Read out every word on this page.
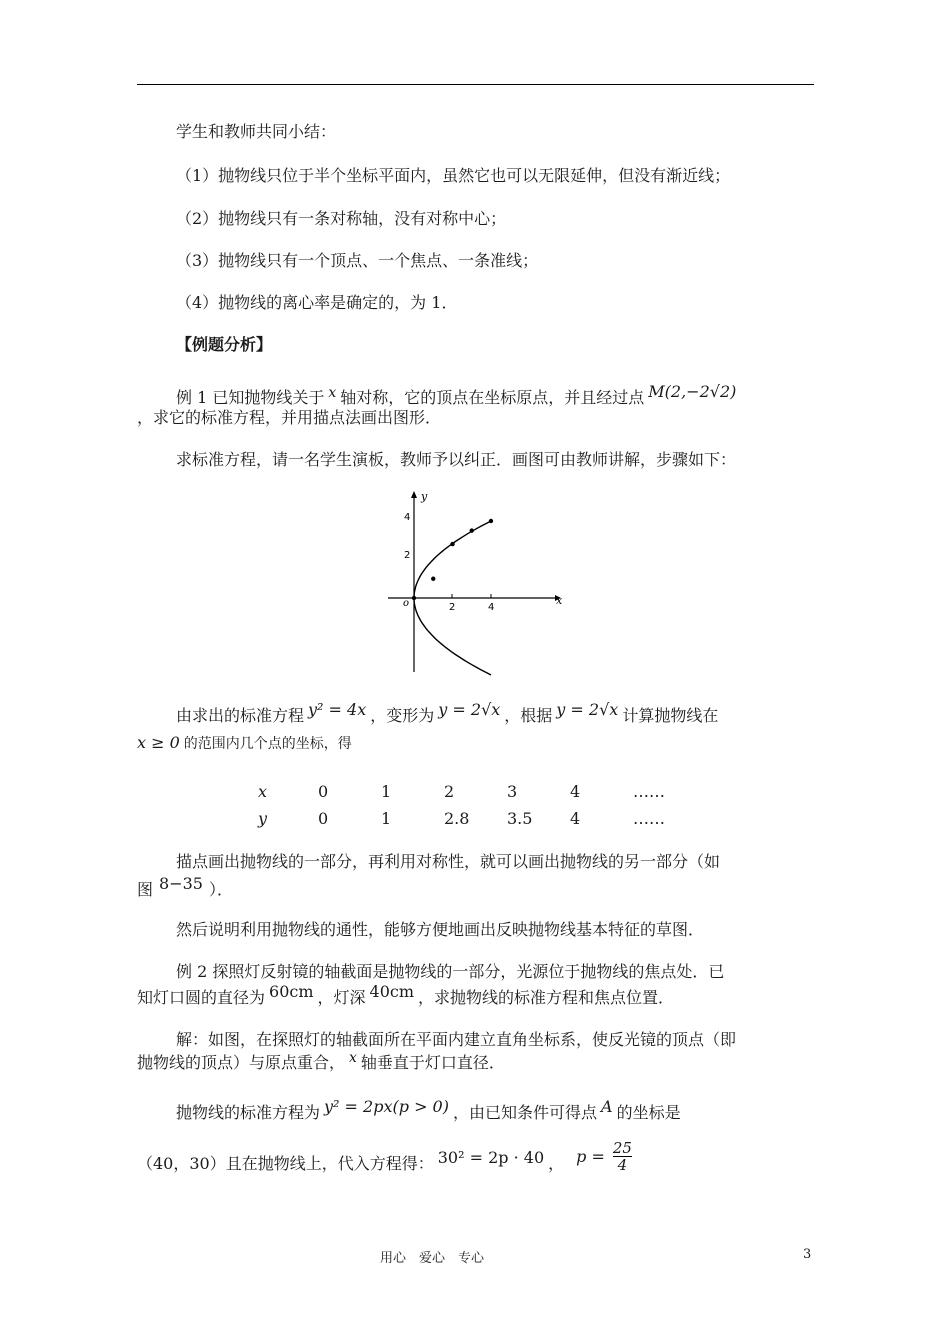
学生和教师共同小结：
（1）抛物线只位于半个坐标平面内，虽然它也可以无限延伸，但没有渐近线；
（2）抛物线只有一条对称轴，没有对称中心；
（3）抛物线只有一个顶点、一个焦点、一条准线；
（4）抛物线的离心率是确定的，为 1．
【例题分析】
例 1 已知抛物线关于 x 轴对称，它的顶点在坐标原点，并且经过点 M(2,−2√2)
，求它的标准方程，并用描点法画出图形．
求标准方程，请一名学生演板，教师予以纠正．画图可由教师讲解，步骤如下：
x
y
o	2	4
2
4
由求出的标准方程 y² = 4x ，变形为 y = 2√x ，根据 y = 2√x 计算抛物线在
x ≥ 0 的范围内几个点的坐标，得
x	0	1	2	3	4	……
y	0	1	2.8	3.5	4	……
描点画出抛物线的一部分，再利用对称性，就可以画出抛物线的另一部分（如
图 8−35 ）．
然后说明利用抛物线的通性，能够方便地画出反映抛物线基本特征的草图．
例 2 探照灯反射镜的轴截面是抛物线的一部分，光源位于抛物线的焦点处．已
知灯口圆的直径为 60cm ，灯深 40cm ，求抛物线的标准方程和焦点位置．
解：如图，在探照灯的轴截面所在平面内建立直角坐标系，使反光镜的顶点（即
抛物线的顶点）与原点重合， x 轴垂直于灯口直径．
抛物线的标准方程为 y² = 2px(p > 0) ，由已知条件可得点 A 的坐标是
（40，30）且在抛物线上，代入方程得： 30² = 2p · 40 ， $p = \frac{25}{4}$
用心　爱心　专心	3
